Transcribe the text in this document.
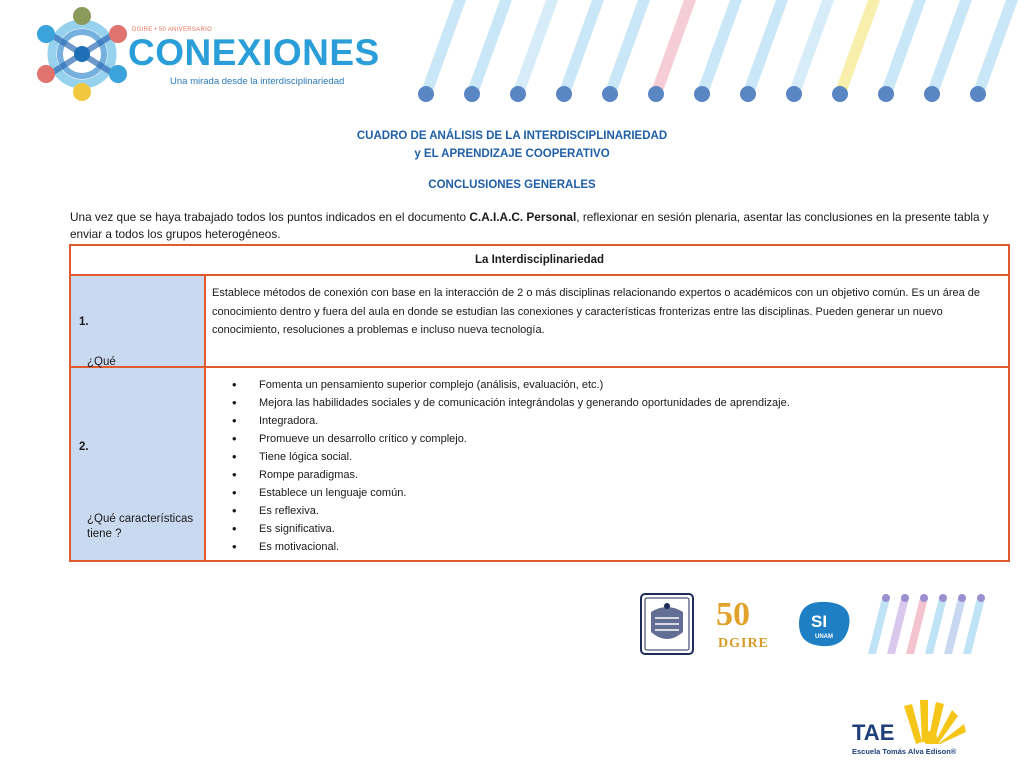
DGIRE • 50 ANIVERSARIO
CONEXIONES
Una mirada desde la interdisciplinariedad
CUADRO DE ANÁLISIS DE LA INTERDISCIPLINARIEDAD
y EL APRENDIZAJE COOPERATIVO
CONCLUSIONES GENERALES
Una vez que se haya trabajado todos los puntos indicados en el documento C.A.I.A.C. Personal, reflexionar en sesión plenaria, asentar las conclusiones en la presente tabla y enviar a todos los grupos heterogéneos.
La Interdisciplinariedad
1.
¿Qué
Establece métodos de conexión con base en la interacción de 2 o más disciplinas relacionando expertos o académicos con un objetivo común. Es un área de conocimiento dentro y fuera del aula en donde se estudian las conexiones y características fronterizas entre las disciplinas. Pueden generar un nuevo conocimiento, resoluciones a problemas e incluso nueva tecnología.
2.
¿Qué características tiene ?
• Fomenta un pensamiento superior complejo (análisis, evaluación, etc.)
• Mejora las habilidades sociales y de comunicación integrándolas y generando oportunidades de aprendizaje.
• Integradora.
• Promueve un desarrollo crítico y complejo.
• Tiene lógica social.
• Rompe paradigmas.
• Establece un lenguaje común.
• Es reflexiva.
• Es significativa.
• Es motivacional.
50
DGIRE
SI
UNAM
TAE
Escuela Tomás Alva Edison®
